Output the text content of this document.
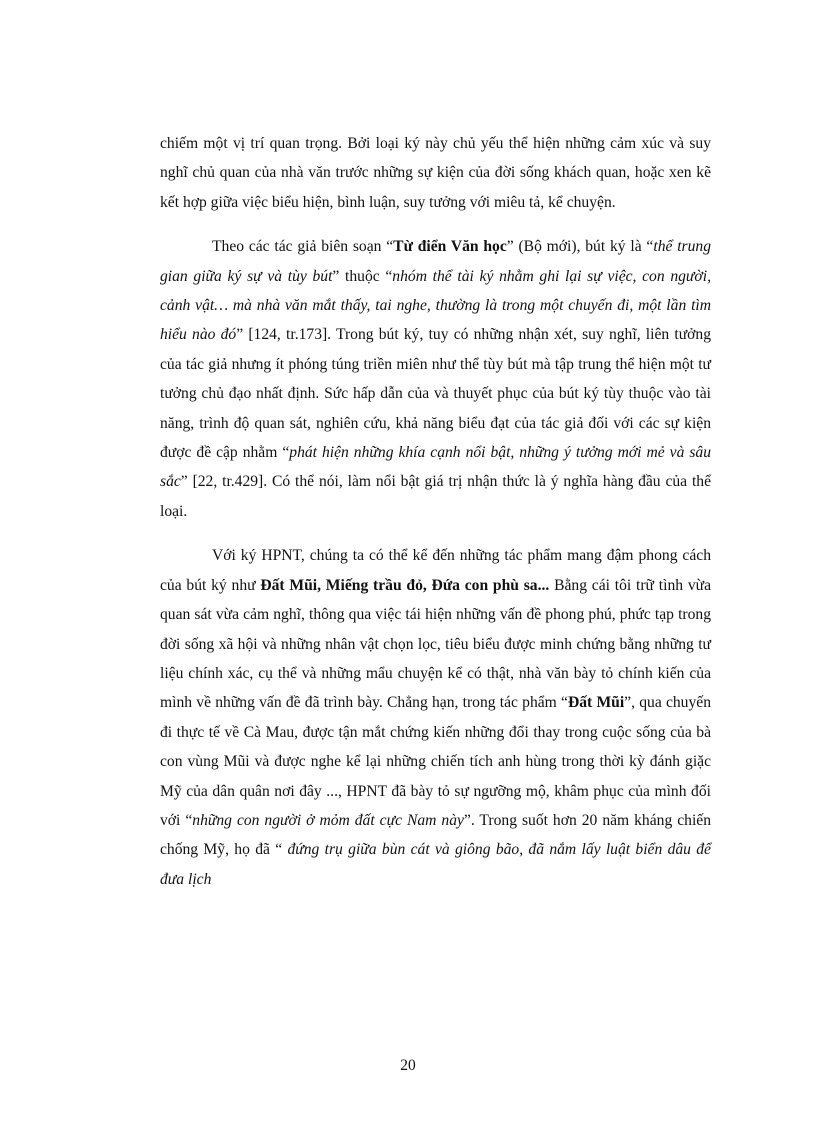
chiếm một vị trí quan trọng. Bởi loại ký này chủ yếu thể hiện những cảm xúc và suy nghĩ chủ quan của nhà văn trước những sự kiện của đời sống khách quan, hoặc xen kẽ kết hợp giữa việc biểu hiện, bình luận, suy tưởng với miêu tả, kể chuyện.

Theo các tác giả biên soạn “Từ điển Văn học” (Bộ mới), bút ký là “thể trung gian giữa ký sự và tùy bút” thuộc “nhóm thể tài ký nhằm ghi lại sự việc, con người, cảnh vật… mà nhà văn mắt thấy, tai nghe, thường là trong một chuyến đi, một lần tìm hiểu nào đó” [124, tr.173]. Trong bút ký, tuy có những nhận xét, suy nghĩ, liên tưởng của tác giả nhưng ít phóng túng triền miên như thể tùy bút mà tập trung thể hiện một tư tưởng chủ đạo nhất định. Sức hấp dẫn của và thuyết phục của bút ký tùy thuộc vào tài năng, trình độ quan sát, nghiên cứu, khả năng biểu đạt của tác giả đối với các sự kiện được đề cập nhằm “phát hiện những khía cạnh nổi bật, những ý tưởng mới mẻ và sâu sắc” [22, tr.429]. Có thể nói, làm nổi bật giá trị nhận thức là ý nghĩa hàng đầu của thể loại.

Với ký HPNT, chúng ta có thể kể đến những tác phẩm mang đậm phong cách của bút ký như Đất Mũi, Miếng trầu đỏ, Đứa con phù sa... Bằng cái tôi trữ tình vừa quan sát vừa cảm nghĩ, thông qua việc tái hiện những vấn đề phong phú, phức tạp trong đời sống xã hội và những nhân vật chọn lọc, tiêu biểu được minh chứng bằng những tư liệu chính xác, cụ thể và những mẩu chuyện kể có thật, nhà văn bày tỏ chính kiến của mình về những vấn đề đã trình bày. Chẳng hạn, trong tác phẩm “Đất Mũi”, qua chuyến đi thực tế về Cà Mau, được tận mắt chứng kiến những đổi thay trong cuộc sống của bà con vùng Mũi và được nghe kể lại những chiến tích anh hùng trong thời kỳ đánh giặc Mỹ của dân quân nơi đây ..., HPNT đã bày tỏ sự ngưỡng mộ, khâm phục của mình đối với “những con người ở mỏm đất cực Nam này”. Trong suốt hơn 20 năm kháng chiến chống Mỹ, họ đã “ đứng trụ giữa bùn cát và giông bão, đã nắm lấy luật biển dâu để đưa lịch

20
